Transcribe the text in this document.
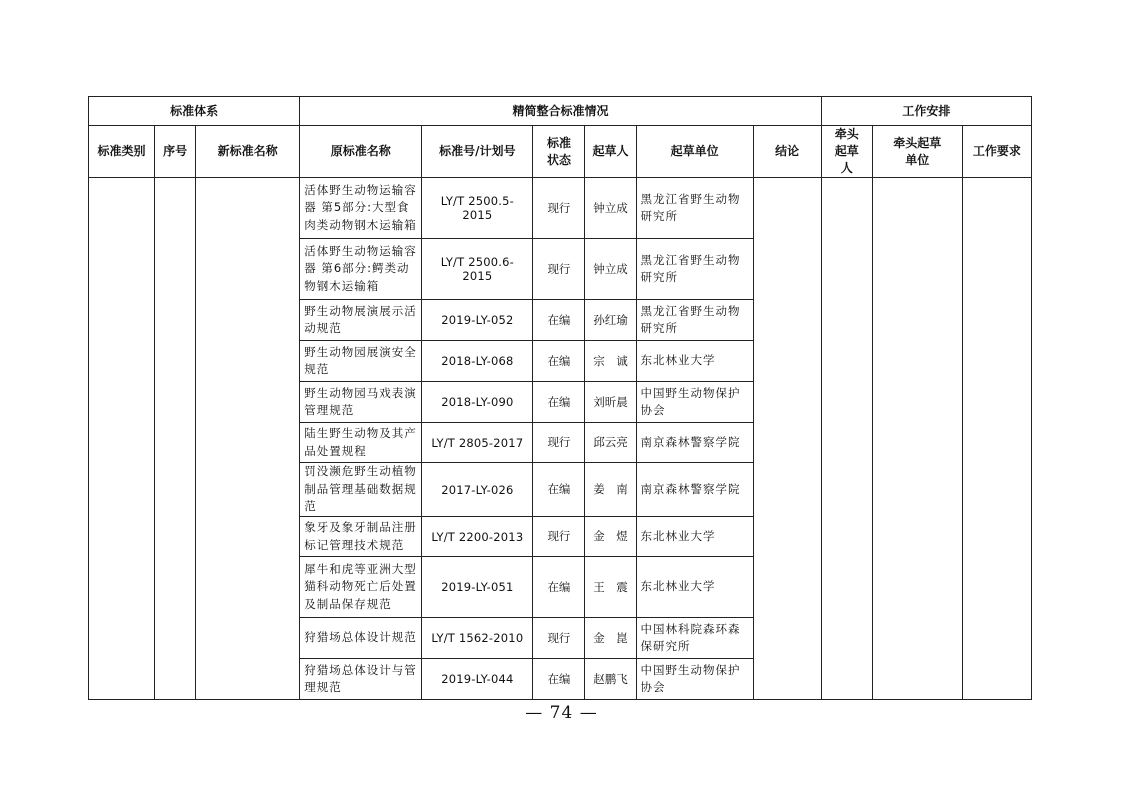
标准体系			精简整合标准情况						工作安排		
标准类别	序号	新标准名称	原标准名称	标准号/计划号	标准状态	起草人	起草单位	结论	牵头起草人	牵头起草单位	工作要求
			活体野生动物运输容器 第5部分:大型食肉类动物钢木运输箱	LY/T 2500.5-2015	现行	钟立成	黑龙江省野生动物研究所				
			活体野生动物运输容器 第6部分:鳄类动物钢木运输箱	LY/T 2500.6-2015	现行	钟立成	黑龙江省野生动物研究所				
			野生动物展演展示活动规范	2019-LY-052	在编	孙红瑜	黑龙江省野生动物研究所				
			野生动物园展演安全规范	2018-LY-068	在编	宗　诚	东北林业大学				
			野生动物园马戏表演管理规范	2018-LY-090	在编	刘昕晨	中国野生动物保护协会				
			陆生野生动物及其产品处置规程	LY/T 2805-2017	现行	邱云亮	南京森林警察学院				
			罚没濒危野生动植物制品管理基础数据规范	2017-LY-026	在编	姜　南	南京森林警察学院				
			象牙及象牙制品注册标记管理技术规范	LY/T 2200-2013	现行	金　煜	东北林业大学				
			犀牛和虎等亚洲大型猫科动物死亡后处置及制品保存规范	2019-LY-051	在编	王　震	东北林业大学				
			狩猎场总体设计规范	LY/T 1562-2010	现行	金　崑	中国林科院森环森保研究所				
			狩猎场总体设计与管理规范	2019-LY-044	在编	赵鹏飞	中国野生动物保护协会				
— 74 —
